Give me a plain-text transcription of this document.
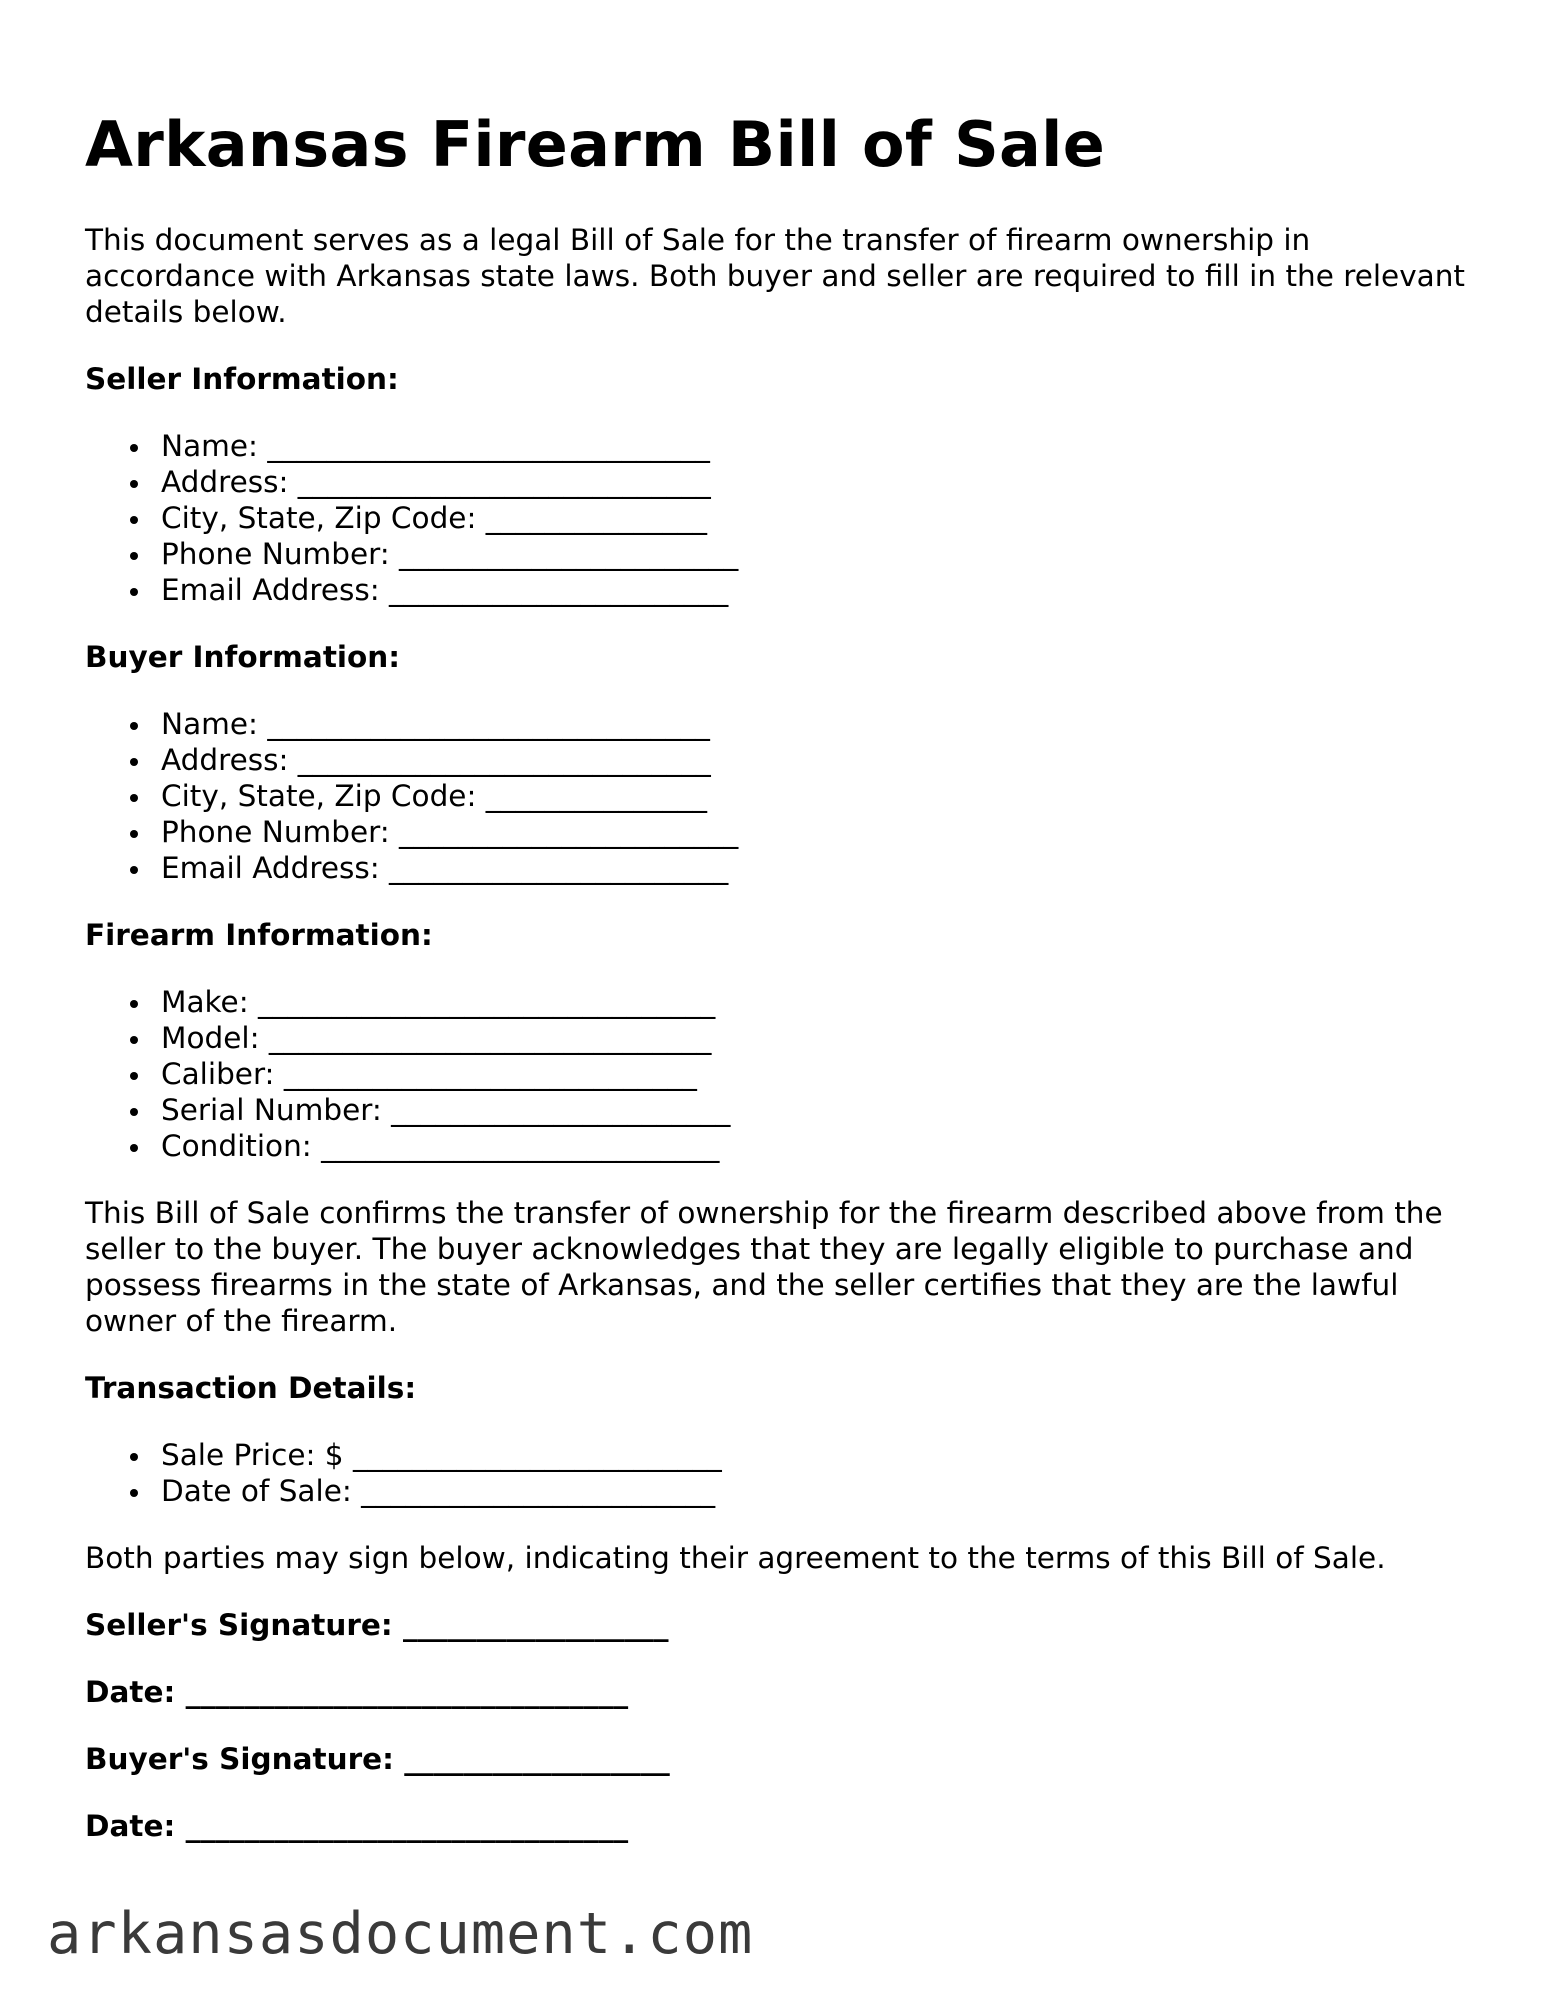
Arkansas Firearm Bill of Sale

This document serves as a legal Bill of Sale for the transfer of firearm ownership in accordance with Arkansas state laws. Both buyer and seller are required to fill in the relevant details below.

Seller Information:
Name: ______________________________
Address: ____________________________
City, State, Zip Code: _______________
Phone Number: _______________________
Email Address: _______________________
Buyer Information:
Name: ______________________________
Address: ____________________________
City, State, Zip Code: _______________
Phone Number: _______________________
Email Address: _______________________
Firearm Information:
Make: _______________________________
Model: ______________________________
Caliber: ____________________________
Serial Number: _______________________
Condition: ___________________________

This Bill of Sale confirms the transfer of ownership for the firearm described above from the seller to the buyer. The buyer acknowledges that they are legally eligible to purchase and possess firearms in the state of Arkansas, and the seller certifies that they are the lawful owner of the firearm.

Transaction Details:
Sale Price: $ _________________________
Date of Sale: ________________________

Both parties may sign below, indicating their agreement to the terms of this Bill of Sale.

Seller's Signature: __________________
Date: ______________________________
Buyer's Signature: __________________
Date: ______________________________
arkansasdocument.com
